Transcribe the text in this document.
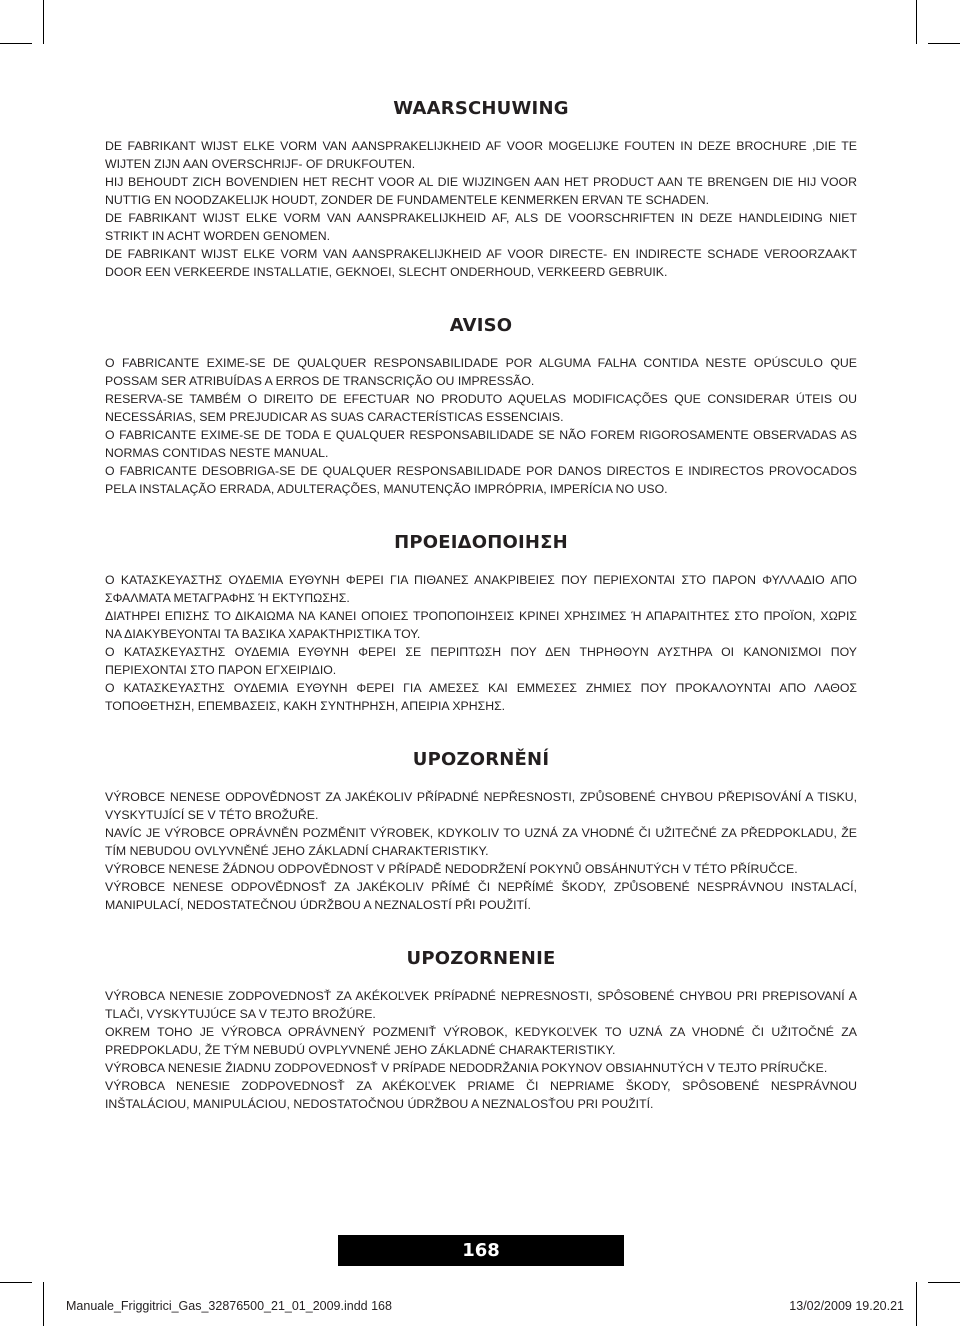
WAARSCHUWING

DE FABRIKANT WIJST ELKE VORM VAN AANSPRAKELIJKHEID AF VOOR MOGELIJKE FOUTEN IN DEZE BROCHURE ,DIE TE WIJTEN ZIJN AAN OVERSCHRIJF- OF DRUKFOUTEN.

HIJ BEHOUDT ZICH BOVENDIEN HET RECHT VOOR AL DIE WIJZINGEN AAN HET PRODUCT AAN TE BRENGEN DIE HIJ VOOR NUTTIG EN NOODZAKELIJK HOUDT, ZONDER DE FUNDAMENTELE KENMERKEN ERVAN TE SCHADEN.

DE FABRIKANT WIJST ELKE VORM VAN AANSPRAKELIJKHEID AF, ALS DE VOORSCHRIFTEN IN DEZE HANDLEIDING NIET STRIKT IN ACHT WORDEN GENOMEN.

DE FABRIKANT WIJST ELKE VORM VAN AANSPRAKELIJKHEID AF VOOR DIRECTE- EN INDIRECTE SCHADE VEROORZAAKT DOOR EEN VERKEERDE INSTALLATIE, GEKNOEI, SLECHT ONDERHOUD, VERKEERD GEBRUIK.

AVISO

O FABRICANTE EXIME-SE DE QUALQUER RESPONSABILIDADE POR ALGUMA FALHA CONTIDA NESTE OPÚSCULO QUE POSSAM SER ATRIBUÍDAS A ERROS DE TRANSCRIÇÃO OU IMPRESSÃO.

RESERVA-SE TAMBÉM O DIREITO DE EFECTUAR NO PRODUTO AQUELAS MODIFICAÇÕES QUE CONSIDERAR ÚTEIS OU NECESSÁRIAS, SEM PREJUDICAR AS SUAS CARACTERÍSTICAS ESSENCIAIS.

O FABRICANTE EXIME-SE DE TODA E QUALQUER RESPONSABILIDADE SE NÃO FOREM RIGOROSAMENTE OBSERVADAS AS NORMAS CONTIDAS NESTE MANUAL.

O FABRICANTE DESOBRIGA-SE DE QUALQUER RESPONSABILIDADE POR DANOS DIRECTOS E INDIRECTOS PROVOCADOS PELA INSTALAÇÃO ERRADA, ADULTERAÇÕES, MANUTENÇÃO IMPRÓPRIA, IMPERÍCIA NO USO.

ΠΡΟΕΙΔΟΠΟΙΗΣΗ

Ο ΚΑΤΑΣΚΕΥΑΣΤΗΣ ΟΥΔΕΜΙΑ ΕΥΘΥΝΗ ΦΕΡΕΙ ΓΙΑ ΠΙΘΑΝΕΣ ΑΝΑΚΡΙΒΕΙΕΣ ΠΟΥ ΠΕΡΙΕΧΟΝΤΑΙ ΣΤΟ ΠΑΡΟΝ ΦΥΛΛΑΔΙΟ ΑΠΟ ΣΦΑΛΜΑΤΑ ΜΕΤΑΓΡΑΦΗΣ Ή ΕΚΤΥΠΩΣΗΣ.

ΔΙΑΤΗΡΕΙ ΕΠΙΣΗΣ ΤΟ ΔΙΚΑΙΩΜΑ ΝΑ ΚΑΝΕΙ ΟΠΟΙΕΣ ΤΡΟΠΟΠΟΙΗΣΕΙΣ ΚΡΙΝΕΙ ΧΡΗΣΙΜΕΣ Ή ΑΠΑΡΑΙΤΗΤΕΣ ΣΤΟ ΠΡΟΪΟΝ, ΧΩΡΙΣ ΝΑ ΔΙΑΚΥΒΕΥΟΝΤΑΙ ΤΑ ΒΑΣΙΚΑ ΧΑΡΑΚΤΗΡΙΣΤΙΚΑ ΤΟΥ.

Ο ΚΑΤΑΣΚΕΥΑΣΤΗΣ ΟΥΔΕΜΙΑ ΕΥΘΥΝΗ ΦΕΡΕΙ ΣΕ ΠΕΡΙΠΤΩΣΗ ΠΟΥ ΔΕΝ ΤΗΡΗΘΟΥΝ ΑΥΣΤΗΡΑ ΟΙ ΚΑΝΟΝΙΣΜΟΙ ΠΟΥ ΠΕΡΙΕΧΟΝΤΑΙ ΣΤΟ ΠΑΡΟΝ ΕΓΧΕΙΡΙΔΙΟ.

Ο ΚΑΤΑΣΚΕΥΑΣΤΗΣ ΟΥΔΕΜΙΑ ΕΥΘΥΝΗ ΦΕΡΕΙ ΓΙΑ ΑΜΕΣΕΣ ΚΑΙ ΕΜΜΕΣΕΣ ΖΗΜΙΕΣ ΠΟΥ ΠΡΟΚΑΛΟΥΝΤΑΙ ΑΠΟ ΛΑΘΟΣ ΤΟΠΟΘΕΤΗΣΗ, ΕΠΕΜΒΑΣΕΙΣ, ΚΑΚΗ ΣΥΝΤΗΡΗΣΗ, ΑΠΕΙΡΙΑ ΧΡΗΣΗΣ.

UPOZORNĚNÍ

VÝROBCE NENESE ODPOVĚDNOST ZA JAKÉKOLIV PŘÍPADNÉ NEPŘESNOSTI, ZPŮSOBENÉ CHYBOU PŘEPISOVÁNÍ A TISKU, VYSKYTUJÍCÍ SE V TÉTO BROŽUŘE.

NAVÍC JE VÝROBCE OPRÁVNĚN POZMĚNIT VÝROBEK, KDYKOLIV TO UZNÁ ZA VHODNÉ ČI UŽITEČNÉ ZA PŘEDPOKLADU, ŽE TÍM NEBUDOU OVLYVNĚNÉ JEHO ZÁKLADNÍ CHARAKTERISTIKY.

VÝROBCE NENESE ŽÁDNOU ODPOVĚDNOST V PŘÍPADĚ NEDODRŽENÍ POKYNŮ OBSÁHNUTÝCH V TÉTO PŘÍRUČCE.

VÝROBCE NENESE ODPOVĚDNOSŤ ZA JAKÉKOLIV PŘÍMÉ ČI NEPŘÍMÉ ŠKODY, ZPŮSOBENÉ NESPRÁVNOU INSTALACÍ, MANIPULACÍ, NEDOSTATEČNOU ÚDRŽBOU A NEZNALOSTÍ PŘI POUŽITÍ.

UPOZORNENIE

VÝROBCA NENESIE ZODPOVEDNOSŤ ZA AKÉKOĽVEK PRÍPADNÉ NEPRESNOSTI, SPÔSOBENÉ CHYBOU PRI PREPISOVANÍ A TLAČI, VYSKYTUJÚCE SA V TEJTO BROŽÚRE.

OKREM TOHO JE VÝROBCA OPRÁVNENÝ POZMENIŤ VÝROBOK, KEDYKOĽVEK TO UZNÁ ZA VHODNÉ ČI UŽITOČNÉ ZA PREDPOKLADU, ŽE TÝM NEBUDÚ OVPLYVNENÉ JEHO ZÁKLADNÉ CHARAKTERISTIKY.

VÝROBCA NENESIE ŽIADNU ZODPOVEDNOSŤ V PRÍPADE NEDODRŽANIA POKYNOV OBSIAHNUTÝCH V TEJTO PRÍRUČKE.

VÝROBCA NENESIE ZODPOVEDNOSŤ ZA AKÉKOĽVEK PRIAME ČI NEPRIAME ŠKODY, SPÔSOBENÉ NESPRÁVNOU INŠTALÁCIOU, MANIPULÁCIOU, NEDOSTATOČNOU ÚDRŽBOU A NEZNALOSŤOU PRI POUŽITÍ.

168
Manuale_Friggitrici_Gas_32876500_21_01_2009.indd 168	13/02/2009 19.20.21
